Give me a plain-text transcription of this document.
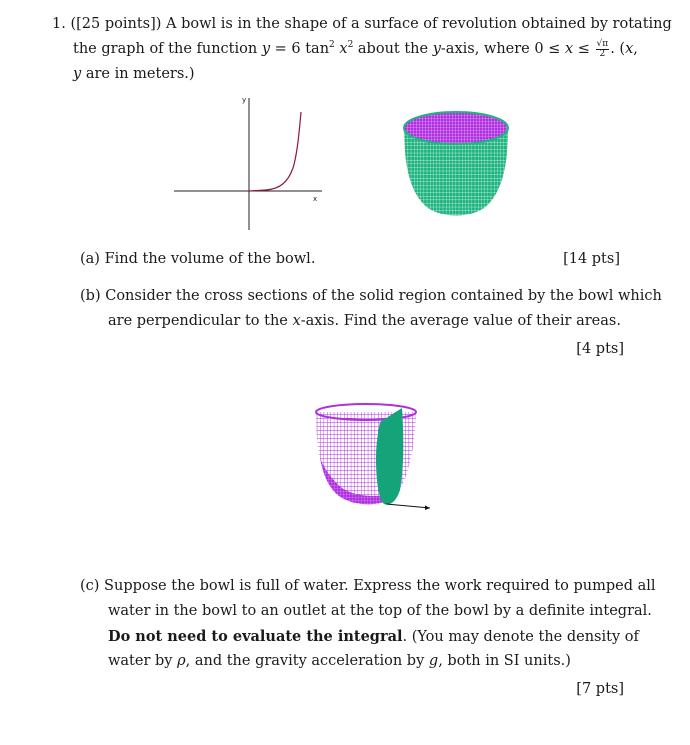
1. ([25 points]) A bowl is in the shape of a surface of revolution obtained by rotating
the graph of the function y = 6 $\tan^2 x^2$ about the y-axis, where $0 \le x \le \frac{√\pi}{2}$ . (x,
y are in meters.)
y
x
(a) Find the volume of the bowl.	[14 pts]
(b) Consider the cross sections of the solid region contained by the bowl which
are perpendicular to the x-axis. Find the average value of their areas.
[4 pts]
(c) Suppose the bowl is full of water. Express the work required to pumped all
water in the bowl to an outlet at the top of the bowl by a definite integral.
Do not need to evaluate the integral. (You may denote the density of
water by ρ, and the gravity acceleration by g, both in SI units.)
[7 pts]
